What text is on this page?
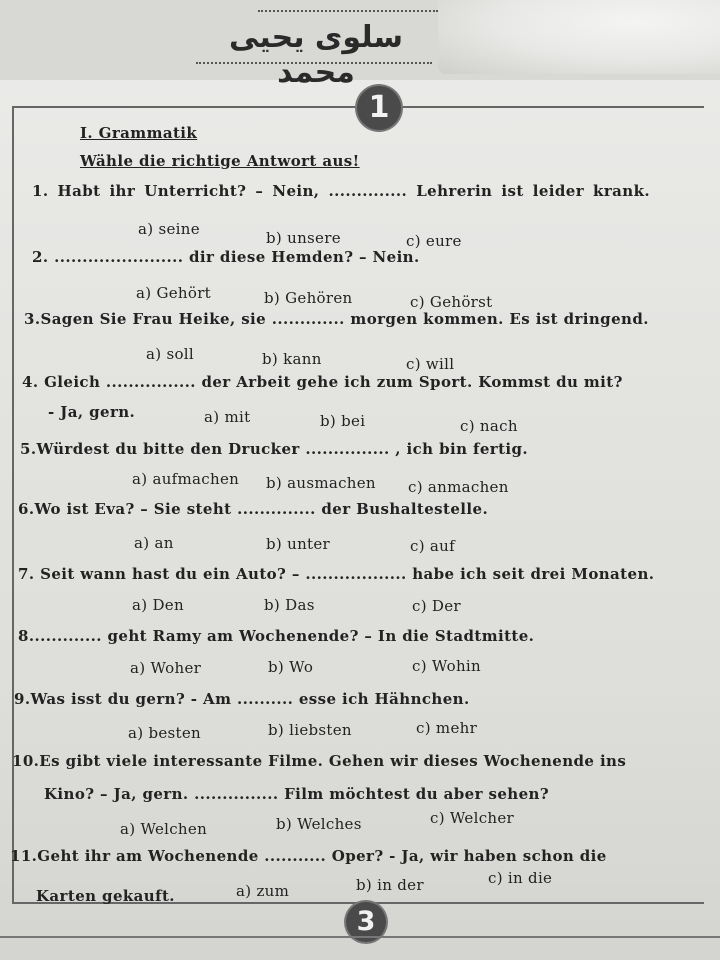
سلوى يحيى محمد
1
I. Grammatik
Wähle die richtige Antwort aus!
1. Habt ihr Unterricht? – Nein, .............. Lehrerin ist leider krank.
a) seine	b) unsere	c) eure
2. ....................... dir diese Hemden? – Nein.
a) Gehört	b) Gehören	c) Gehörst
3.Sagen Sie Frau Heike, sie ............. morgen kommen. Es ist dringend.
a) soll	b) kann	c) will
4. Gleich ................ der Arbeit gehe ich zum Sport. Kommst du mit?
- Ja, gern.	a) mit	b) bei	c) nach
5.Würdest du bitte den Drucker ............... , ich bin fertig.
a) aufmachen b) ausmachen c) anmachen
6.Wo ist Eva? – Sie steht .............. der Bushaltestelle.
a) an	b) unter	c) auf
7. Seit wann hast du ein Auto? – .................. habe ich seit drei Monaten.
a) Den	b) Das	c) Der
8............. geht Ramy am Wochenende? – In die Stadtmitte.
a) Woher	b) Wo	c) Wohin
9.Was isst du gern? - Am .......... esse ich Hähnchen.
a) besten	b) liebsten	c) mehr
10.Es gibt viele interessante Filme. Gehen wir dieses Wochenende ins
Kino? – Ja, gern. ............... Film möchtest du aber sehen?
a) Welchen	b) Welches	c) Welcher
11.Geht ihr am Wochenende ........... Oper? - Ja, wir haben schon die
Karten gekauft.	a) zum	b) in der	c) in die
3
